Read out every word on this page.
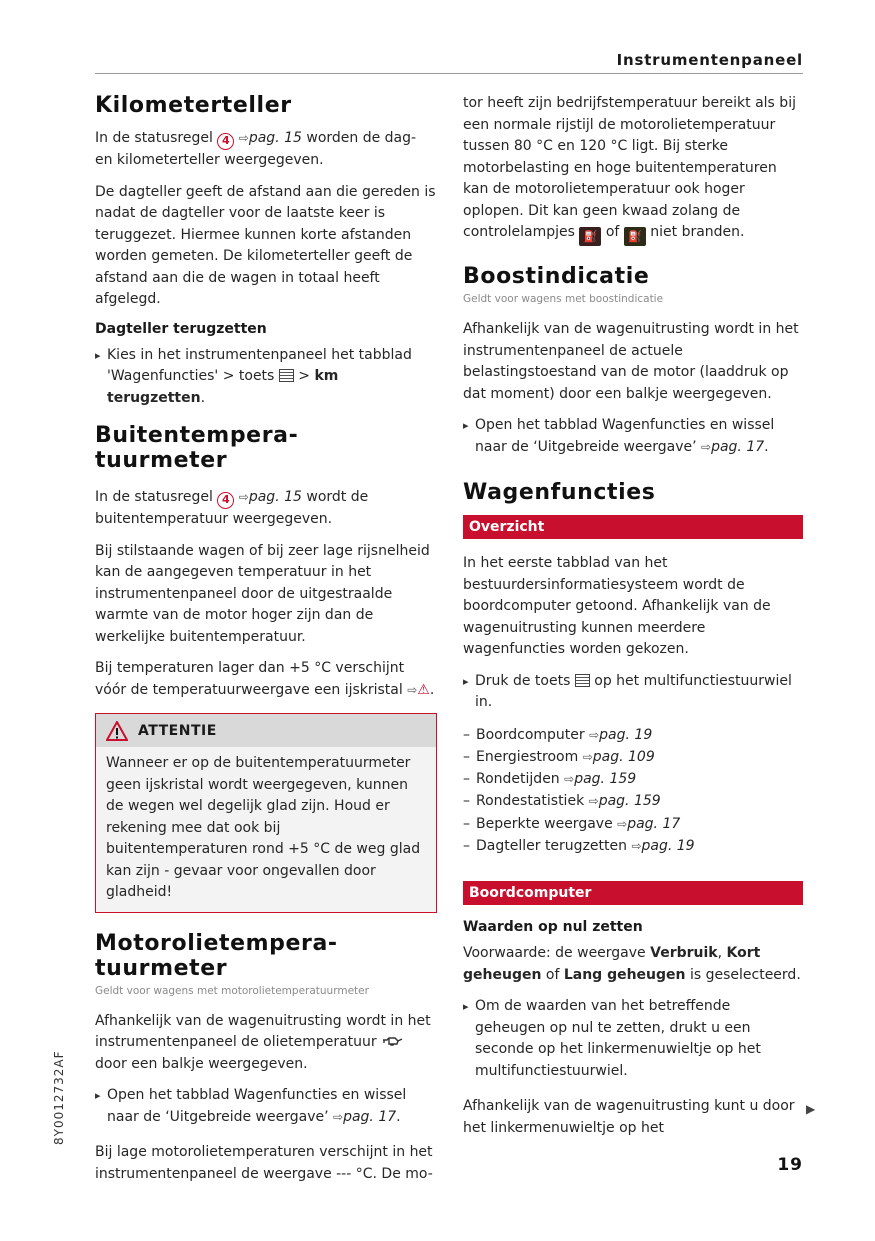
Instrumentenpaneel
Kilometerteller

In de statusregel 4 ⇨pag. 15 worden de dag- en kilometerteller weergegeven.

De dagteller geeft de afstand aan die gereden is nadat de dagteller voor de laatste keer is teruggezet. Hiermee kunnen korte afstanden worden gemeten. De kilometerteller geeft de afstand aan die de wagen in totaal heeft afgelegd.

Dagteller terugzetten
▸ Kies in het instrumentenpaneel het tabblad 'Wagenfuncties' > toets  > km terugzetten.
Buitentempera-
tuurmeter

In de statusregel 4 ⇨pag. 15 wordt de buitentemperatuur weergegeven.

Bij stilstaande wagen of bij zeer lage rijsnelheid kan de aangegeven temperatuur in het instrumentenpaneel door de uitgestraalde warmte van de motor hoger zijn dan de werkelijke buitentemperatuur.

Bij temperaturen lager dan +5 °C verschijnt vóór de temperatuurweergave een ijskristal ⇨⚠.

ATTENTIE
Wanneer er op de buitentemperatuurmeter geen ijskristal wordt weergegeven, kunnen de wegen wel degelijk glad zijn. Houd er rekening mee dat ook bij buitentemperaturen rond +5 °C de weg glad kan zijn - gevaar voor ongevallen door gladheid!
Motorolietempera-
tuurmeter
Geldt voor wagens met motorolietemperatuurmeter

Afhankelijk van de wagenuitrusting wordt in het instrumentenpaneel de olietemperatuur  door een balkje weergegeven.

▸ Open het tabblad Wagenfuncties en wissel naar de ‘Uitgebreide weergave’ ⇨pag. 17.

Bij lage motorolietemperaturen verschijnt in het instrumentenpaneel de weergave --- °C. De mo-

tor heeft zijn bedrijfstemperatuur bereikt als bij een normale rijstijl de motorolietemperatuur tussen 80 °C en 120 °C ligt. Bij sterke motorbelasting en hoge buitentemperaturen kan de motorolietemperatuur ook hoger oplopen. Dit kan geen kwaad zolang de controlelampjes ⛽ of ⛽ niet branden.

Boostindicatie
Geldt voor wagens met boostindicatie

Afhankelijk van de wagenuitrusting wordt in het instrumentenpaneel de actuele belastingstoestand van de motor (laaddruk op dat moment) door een balkje weergegeven.

▸ Open het tabblad Wagenfuncties en wissel naar de ‘Uitgebreide weergave’ ⇨pag. 17.
Wagenfuncties
Overzicht

In het eerste tabblad van het bestuurdersinformatiesysteem wordt de boordcomputer getoond. Afhankelijk van de wagenuitrusting kunnen meerdere wagenfuncties worden gekozen.

▸ Druk de toets  op het multifunctiestuurwiel in.
– Boordcomputer ⇨pag. 19
– Energiestroom ⇨pag. 109
– Rondetijden ⇨pag. 159
– Rondestatistiek ⇨pag. 159
– Beperkte weergave ⇨pag. 17
– Dagteller terugzetten ⇨pag. 19
Boordcomputer
Waarden op nul zetten

Voorwaarde: de weergave Verbruik, Kort geheugen of Lang geheugen is geselecteerd.

▸ Om de waarden van het betreffende geheugen op nul te zetten, drukt u een seconde op het linkermenuwieltje op het multifunctiestuurwiel.

Afhankelijk van de wagenuitrusting kunt u door het linkermenuwieltje op het

▶
8Y0012732AF
19
